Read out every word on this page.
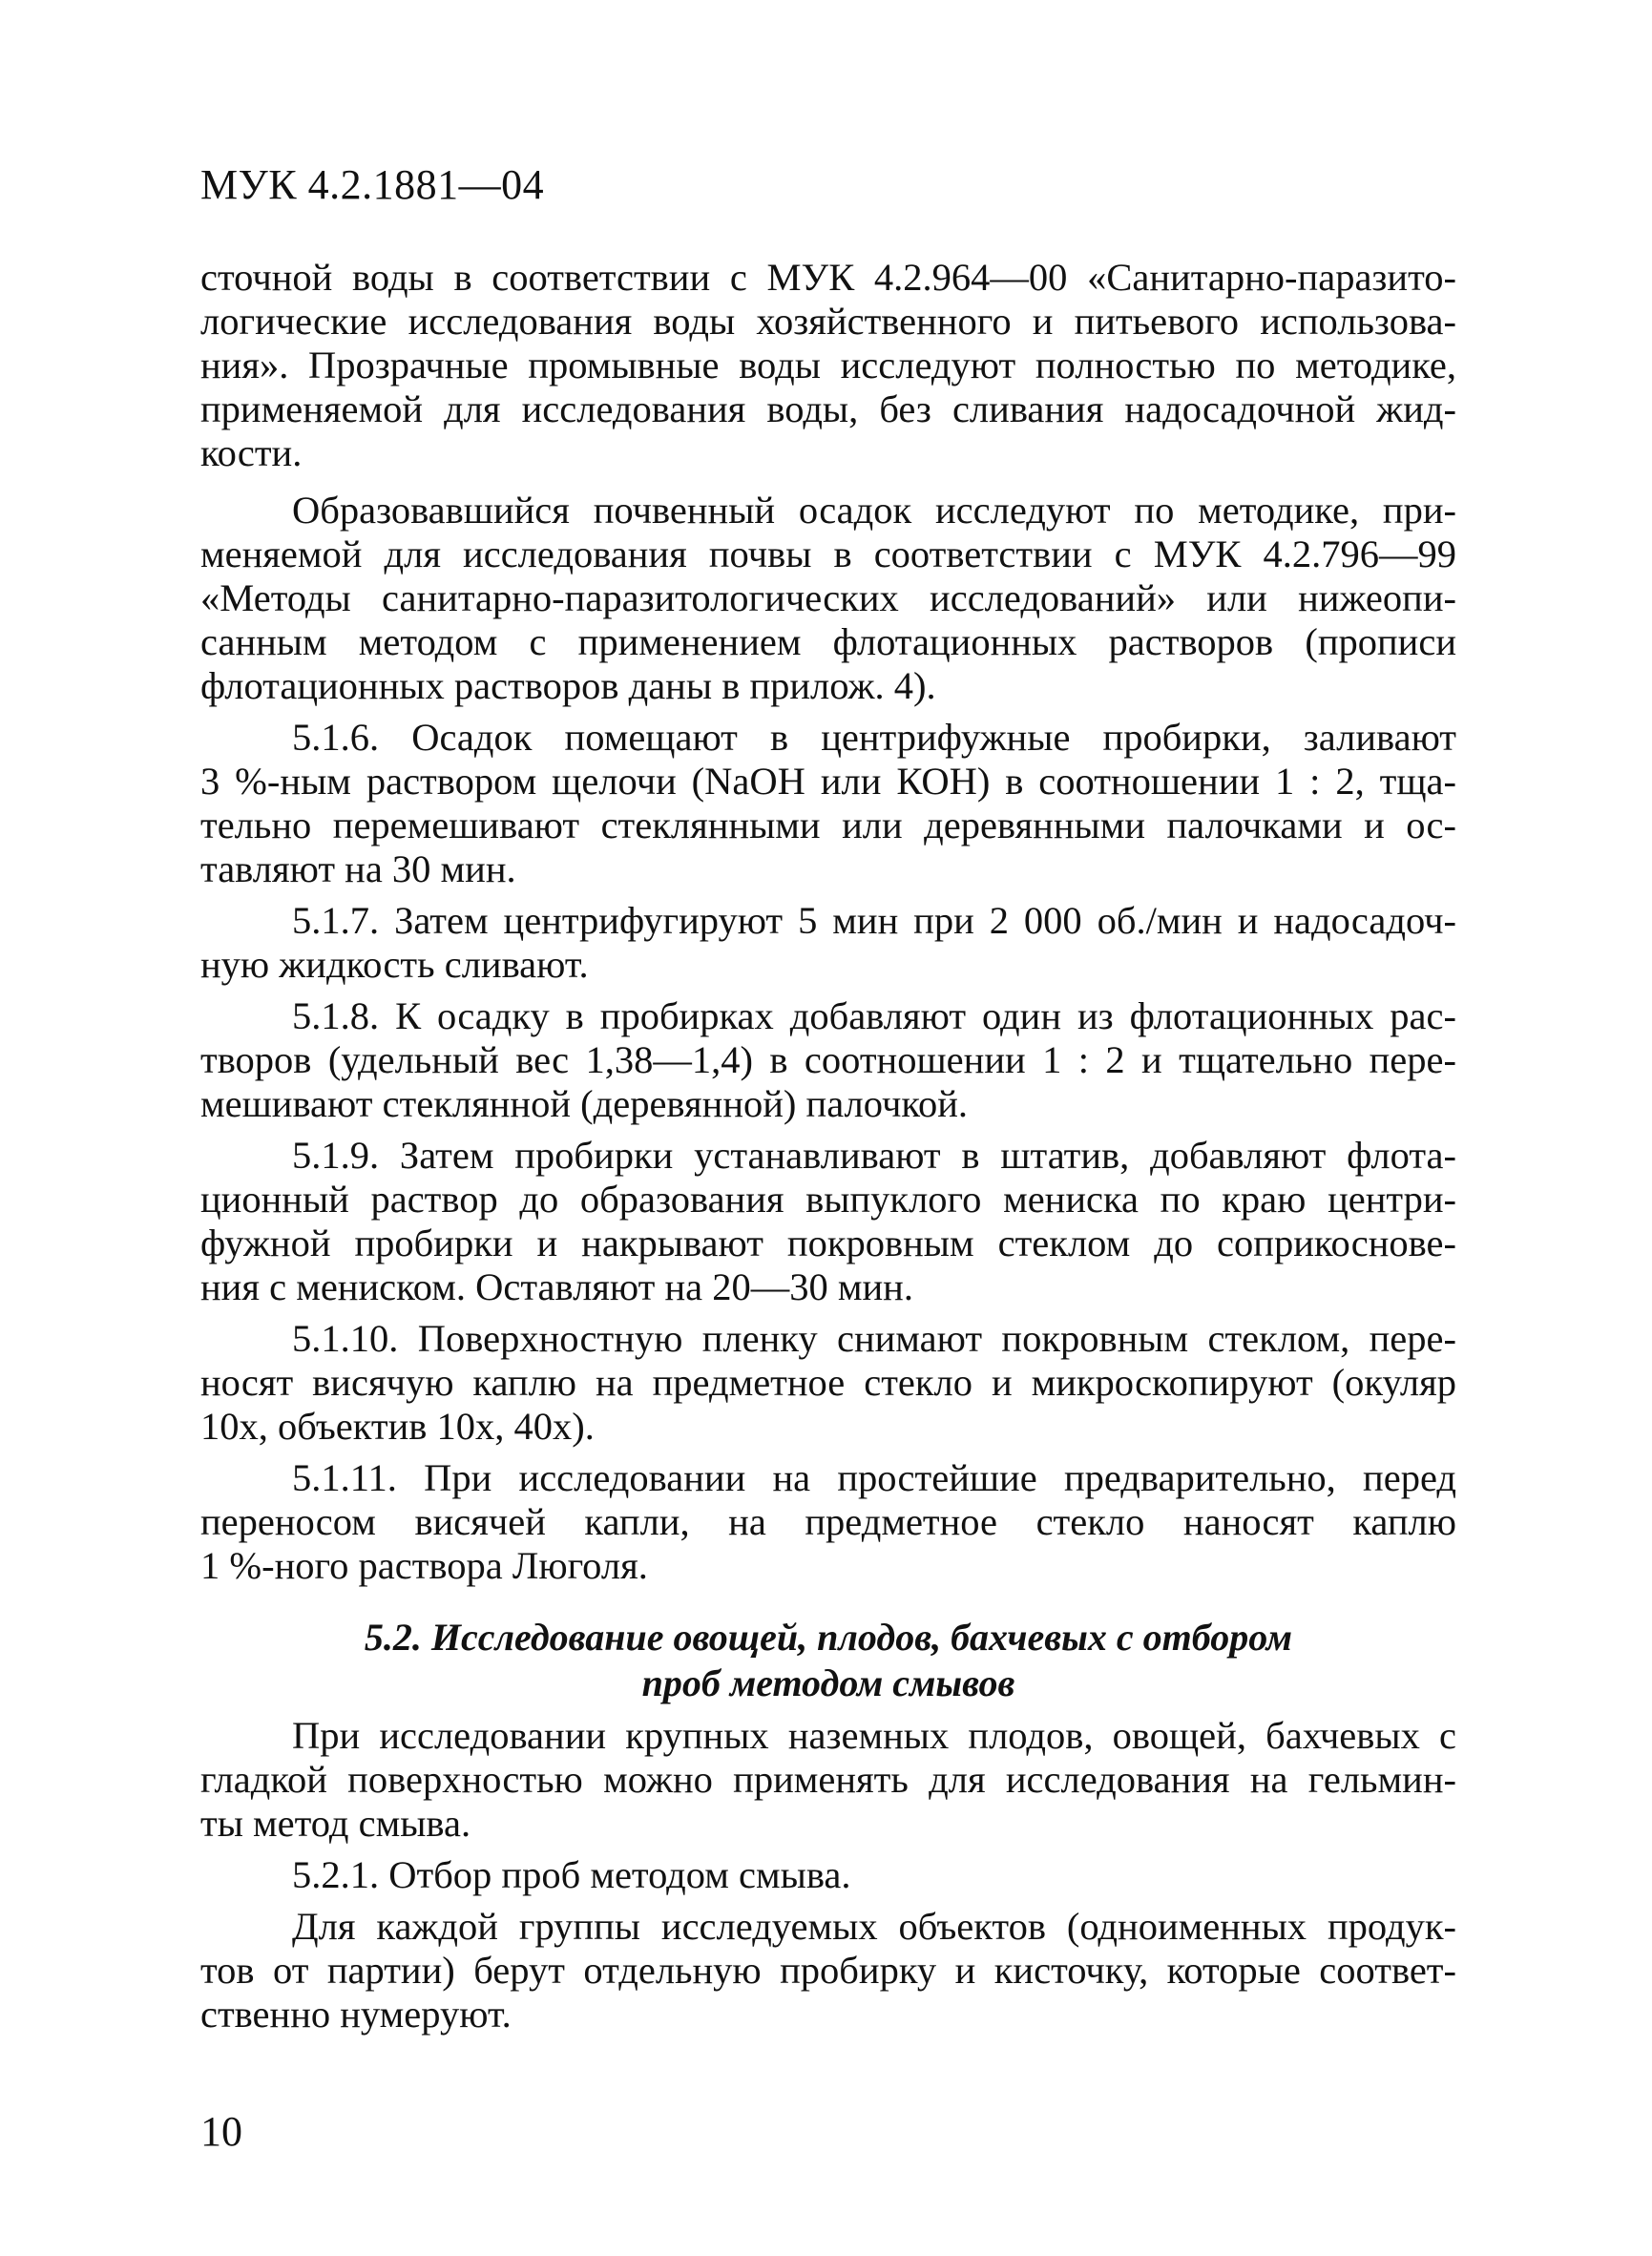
МУК 4.2.1881—04
сточной воды в соответствии с МУК 4.2.964—00 «Санитарно-паразито-
логические исследования воды хозяйственного и питьевого использова-
ния». Прозрачные промывные воды исследуют полностью по методике,
применяемой для исследования воды, без сливания надосадочной жид-
кости.
Образовавшийся почвенный осадок исследуют по методике, при-
меняемой для исследования почвы в соответствии с МУК 4.2.796—99
«Методы санитарно-паразитологических исследований» или нижеопи-
санным методом с применением флотационных растворов (прописи
флотационных растворов даны в прилож. 4).
5.1.6. Осадок помещают в центрифужные пробирки, заливают
3 %-ным раствором щелочи (NaOH или КОН) в соотношении 1 : 2, тща-
тельно перемешивают стеклянными или деревянными палочками и ос-
тавляют на 30 мин.
5.1.7. Затем центрифугируют 5 мин при 2 000 об./мин и надосадоч-
ную жидкость сливают.
5.1.8. К осадку в пробирках добавляют один из флотационных рас-
творов (удельный вес 1,38—1,4) в соотношении 1 : 2 и тщательно пере-
мешивают стеклянной (деревянной) палочкой.
5.1.9. Затем пробирки устанавливают в штатив, добавляют флота-
ционный раствор до образования выпуклого мениска по краю центри-
фужной пробирки и накрывают покровным стеклом до соприкоснове-
ния с мениском. Оставляют на 20—30 мин.
5.1.10. Поверхностную пленку снимают покровным стеклом, пере-
носят висячую каплю на предметное стекло и микроскопируют (окуляр
10х, объектив 10х, 40х).
5.1.11. При исследовании на простейшие предварительно, перед
переносом висячей капли, на предметное стекло наносят каплю
1 %-ного раствора Люголя.
5.2. Исследование овощей, плодов, бахчевых с отбором
проб методом смывов
При исследовании крупных наземных плодов, овощей, бахчевых с
гладкой поверхностью можно применять для исследования на гельмин-
ты метод смыва.
5.2.1. Отбор проб методом смыва.
Для каждой группы исследуемых объектов (одноименных продук-
тов от партии) берут отдельную пробирку и кисточку, которые соответ-
ственно нумеруют.
10
